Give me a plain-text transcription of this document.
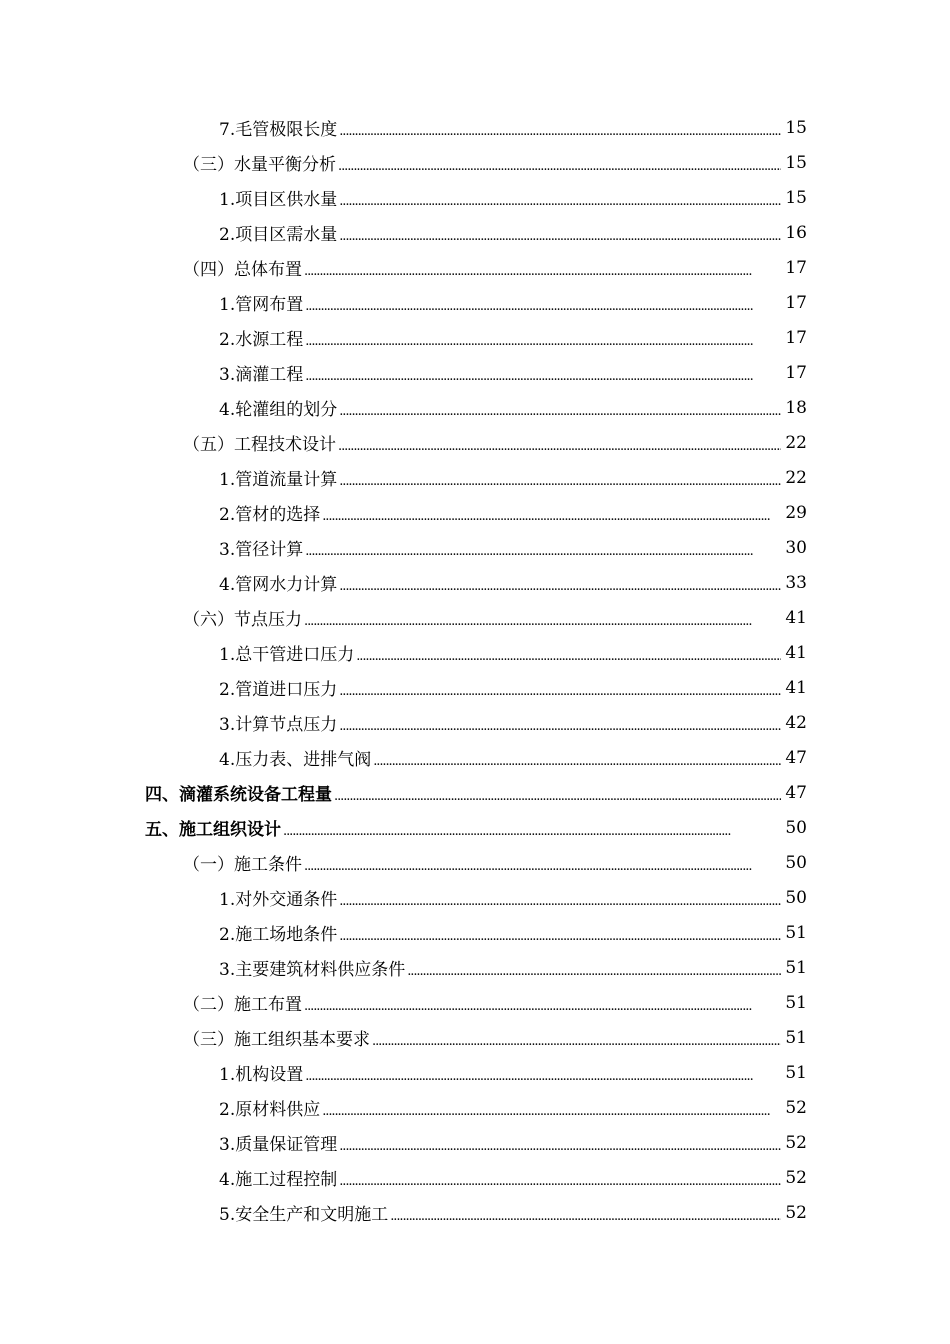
7.毛管极限长度 . . .	15
（三）水量平衡分析 . . .	15
1.项目区供水量 . . .	15
2.项目区需水量 . . .	16
（四）总体布置 . . .	17
1.管网布置 . . .	17
2.水源工程 . . .	17
3.滴灌工程 . . .	17
4.轮灌组的划分 . . .	18
（五）工程技术设计 . . .	22
1.管道流量计算 . . .	22
2.管材的选择 . . .	29
3.管径计算 . . .	30
4.管网水力计算 . . .	33
（六）节点压力 . . .	41
1.总干管进口压力 . . .	41
2.管道进口压力 . . .	41
3.计算节点压力 . . .	42
4.压力表、进排气阀 . . .	47
四、滴灌系统设备工程量 . . .	47
五、施工组织设计 . . .	50
（一）施工条件 . . .	50
1.对外交通条件 . . .	50
2.施工场地条件 . . .	51
3.主要建筑材料供应条件 . . .	51
（二）施工布置 . . .	51
（三）施工组织基本要求 . . .	51
1.机构设置 . . .	51
2.原材料供应 . . .	52
3.质量保证管理 . . .	52
4.施工过程控制 . . .	52
5.安全生产和文明施工 . . .	52
